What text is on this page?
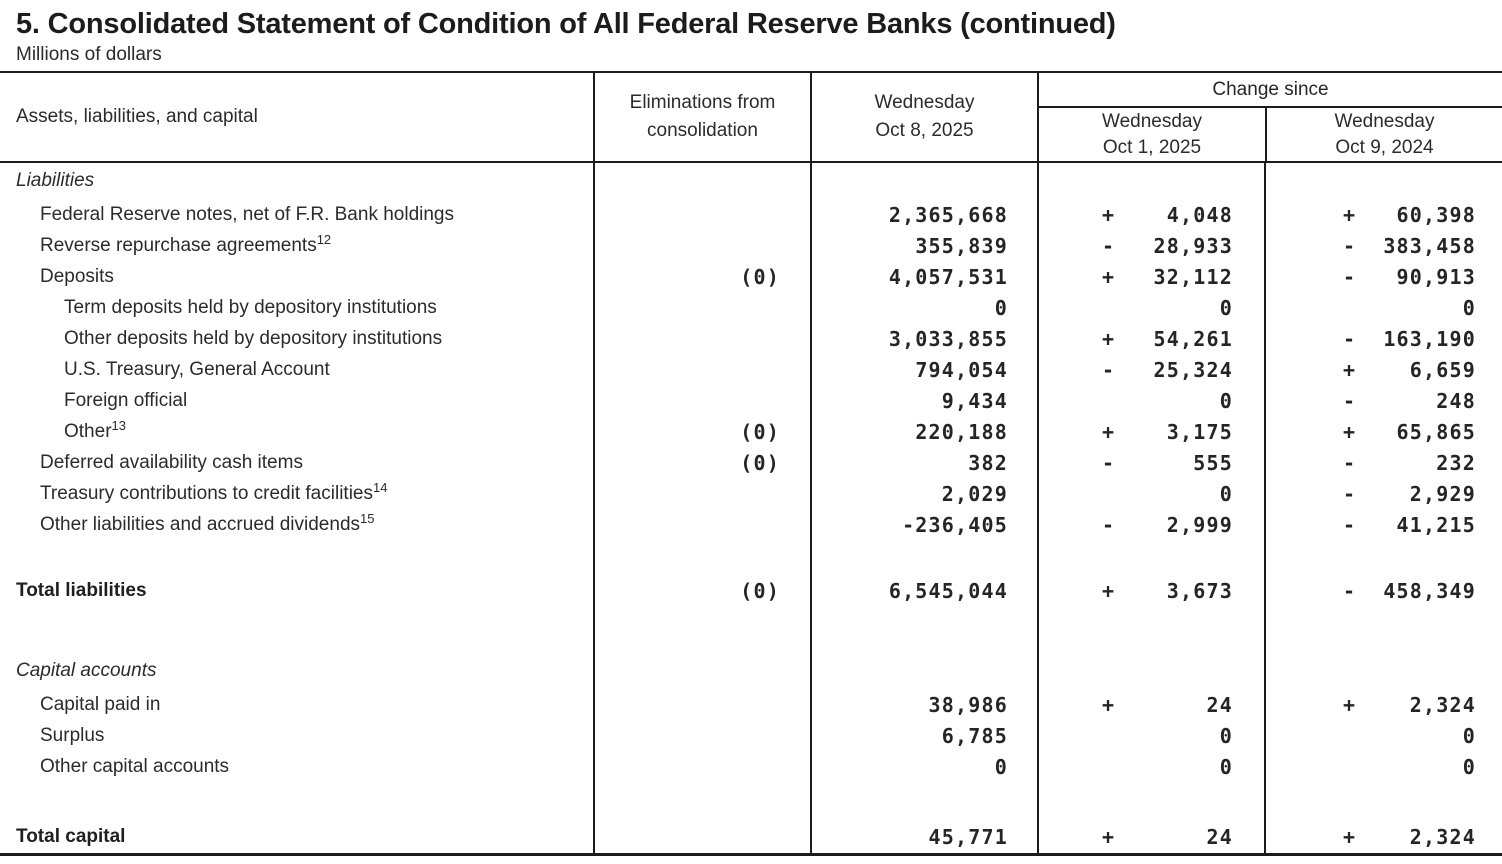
5. Consolidated Statement of Condition of All Federal Reserve Banks (continued)
Millions of dollars
Assets, liabilities, and capital
Eliminations from
consolidation
Wednesday
Oct 8, 2025
Change since
Wednesday
Oct 1, 2025
Wednesday
Oct 9, 2024
Liabilities
Federal Reserve notes, net of F.R. Bank holdings	2,365,668	+	4,048	+ 60,398
Reverse repurchase agreements$^{12}$	355,839	- 28,933	- 383,458
Deposits	(0)	4,057,531	+ 32,112	- 90,913
Term deposits held by depository institutions	0	0	0
Other deposits held by depository institutions	3,033,855	+ 54,261	- 163,190
U.S. Treasury, General Account	794,054	- 25,324	+	6,659
Foreign official	9,434	0	-	248
Other$^{13}$	(0)	220,188	+	3,175	+ 65,865
Deferred availability cash items	(0)	382	-	555	-	232
Treasury contributions to credit facilities$^{14}$	2,029	0	-	2,929
Other liabilities and accrued dividends$^{15}$	-236,405	-	2,999	- 41,215
Total liabilities	(0)	6,545,044	+	3,673	- 458,349
Capital accounts
Capital paid in	38,986	+	24	+	2,324
Surplus	6,785	0	0
Other capital accounts	0	0	0
Total capital	45,771	+	24	+	2,324
